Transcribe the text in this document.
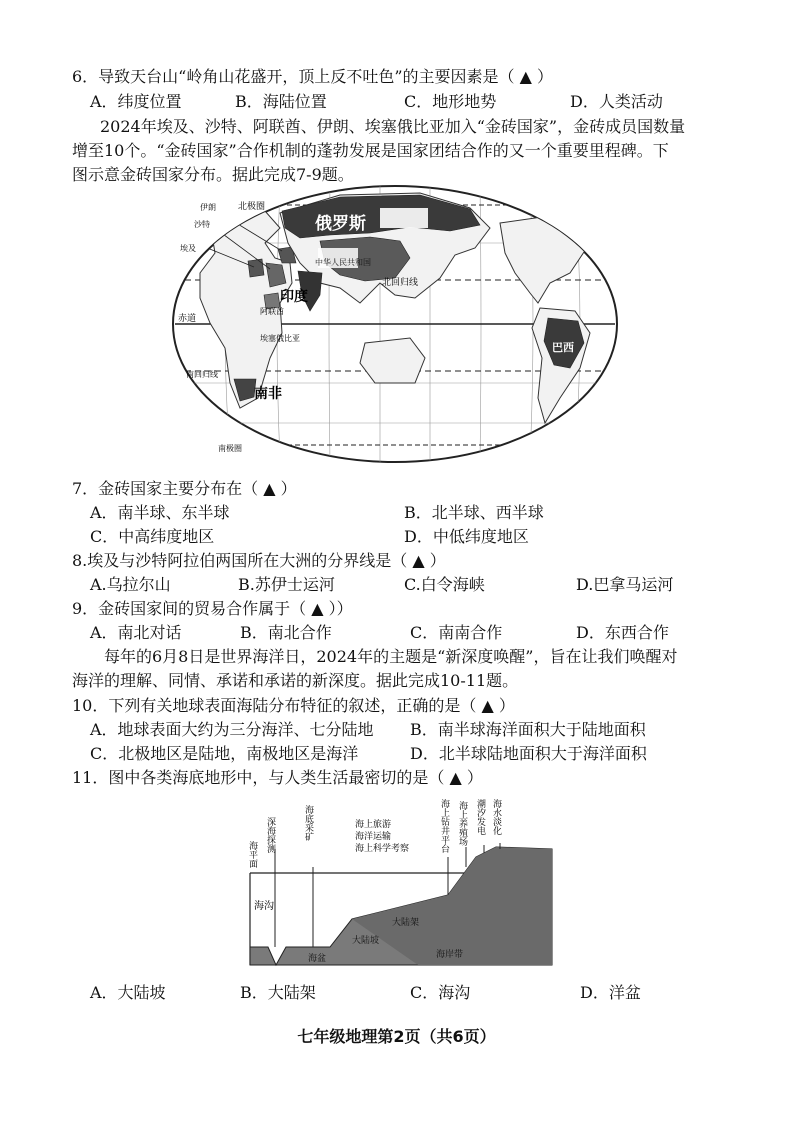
6．导致天台山“岭角山花盛开，顶上反不吐色”的主要因素是（ ▲ ）
A．纬度位置	B．海陆位置	C．地形地势	D．人类活动
2024年埃及、沙特、阿联酋、伊朗、埃塞俄比亚加入“金砖国家”，金砖成员国数量
增至10个。“金砖国家”合作机制的蓬勃发展是国家团结合作的又一个重要里程碑。下
图示意金砖国家分布。据此完成7-9题。
北极圈
伊朗
沙特
埃及
俄罗斯
中华人民共和国
北回归线
印度
阿联酋
赤道
埃塞俄比亚
巴西
南回归线
南非
南极圈
7．金砖国家主要分布在（ ▲ ）
A．南半球、东半球	B．北半球、西半球
C．中高纬度地区	D．中低纬度地区
8.埃及与沙特阿拉伯两国所在大洲的分界线是（ ▲ ）
A.乌拉尔山	B.苏伊士运河	C.白令海峡	D.巴拿马运河
9．金砖国家间的贸易合作属于（ ▲ ））
A．南北对话	B．南北合作	C．南南合作	D．东西合作
每年的6月8日是世界海洋日，2024年的主题是“新深度唤醒”，旨在让我们唤醒对
海洋的理解、同情、承诺和承诺的新深度。据此完成10-11题。
10．下列有关地球表面海陆分布特征的叙述，正确的是（ ▲ ）
A．地球表面大约为三分海洋、七分陆地 B．南半球海洋面积大于陆地面积
C．北极地区是陆地，南极地区是海洋	D．北半球陆地面积大于海洋面积
11．图中各类海底地形中，与人类生活最密切的是（ ▲ ）
海平面
深海探测	海底采矿	海上旅游
海洋运输
海上科学考察	海上钻井平台 海上养殖场 潮汐发电 海水淡化
海沟
海盆
大陆坡
大陆架
海岸带
A．大陆坡	B．大陆架	C．海沟	D．洋盆
七年级地理第2页（共6页）
